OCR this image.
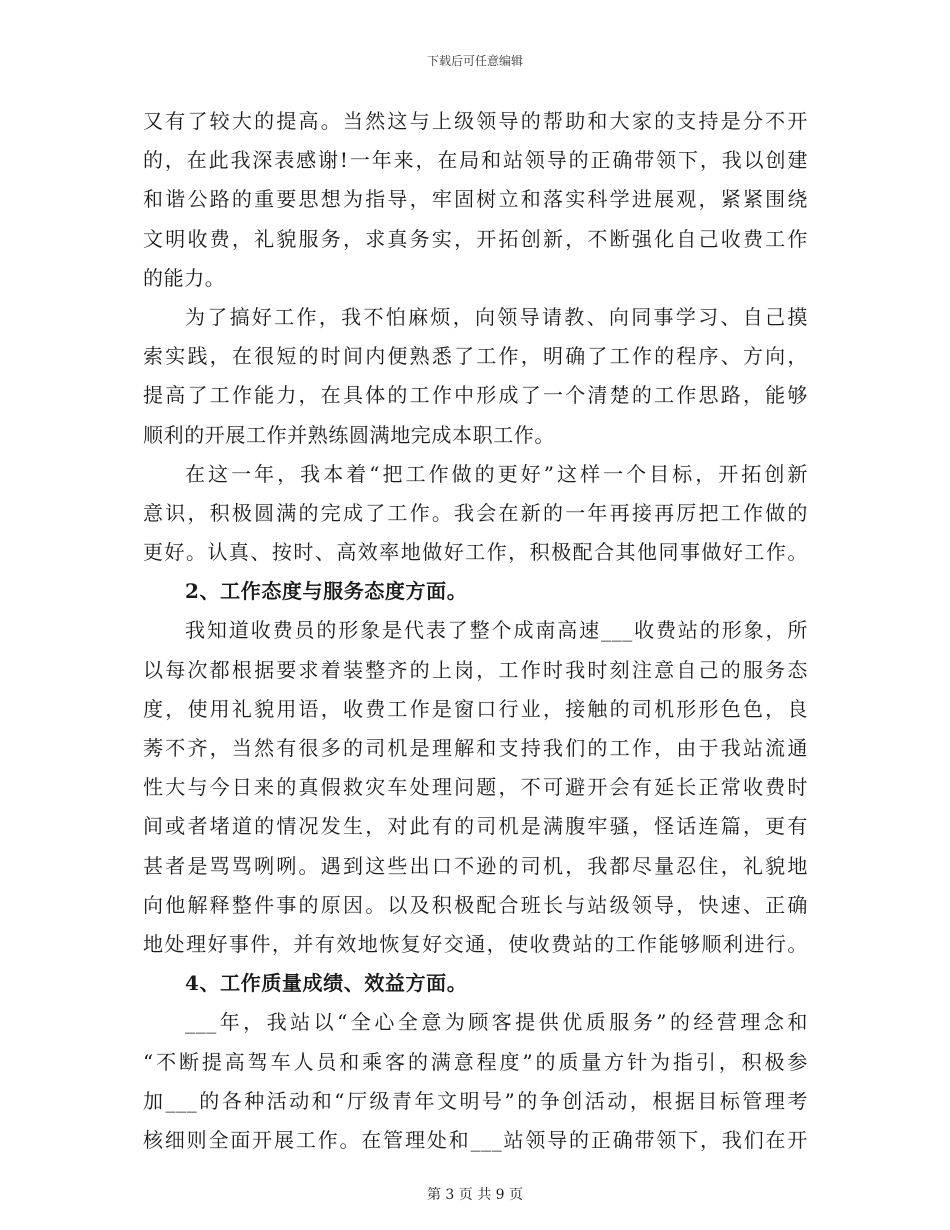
下载后可任意编辑
又有了较大的提高。当然这与上级领导的帮助和大家的支持是分不开
的，在此我深表感谢!一年来，在局和站领导的正确带领下，我以创建
和谐公路的重要思想为指导，牢固树立和落实科学进展观，紧紧围绕
文明收费，礼貌服务，求真务实，开拓创新，不断强化自己收费工作
的能力。
为了搞好工作，我不怕麻烦，向领导请教、向同事学习、自己摸
索实践，在很短的时间内便熟悉了工作，明确了工作的程序、方向，
提高了工作能力，在具体的工作中形成了一个清楚的工作思路，能够
顺利的开展工作并熟练圆满地完成本职工作。
在这一年，我本着“把工作做的更好”这样一个目标，开拓创新
意识，积极圆满的完成了工作。我会在新的一年再接再厉把工作做的
更好。认真、按时、高效率地做好工作，积极配合其他同事做好工作。
2、工作态度与服务态度方面。
我知道收费员的形象是代表了整个成南高速___收费站的形象，所
以每次都根据要求着装整齐的上岗，工作时我时刻注意自己的服务态
度，使用礼貌用语，收费工作是窗口行业，接触的司机形形色色，良
莠不齐，当然有很多的司机是理解和支持我们的工作，由于我站流通
性大与今日来的真假救灾车处理问题，不可避开会有延长正常收费时
间或者堵道的情况发生，对此有的司机是满腹牢骚，怪话连篇，更有
甚者是骂骂咧咧。遇到这些出口不逊的司机，我都尽量忍住，礼貌地
向他解释整件事的原因。以及积极配合班长与站级领导，快速、正确
地处理好事件，并有效地恢复好交通，使收费站的工作能够顺利进行。
4、工作质量成绩、效益方面。
___年，我站以“全心全意为顾客提供优质服务”的经营理念和
“不断提高驾车人员和乘客的满意程度”的质量方针为指引，积极参
加___的各种活动和“厅级青年文明号”的争创活动，根据目标管理考
核细则全面开展工作。在管理处和___站领导的正确带领下，我们在开
第 3 页 共 9 页
